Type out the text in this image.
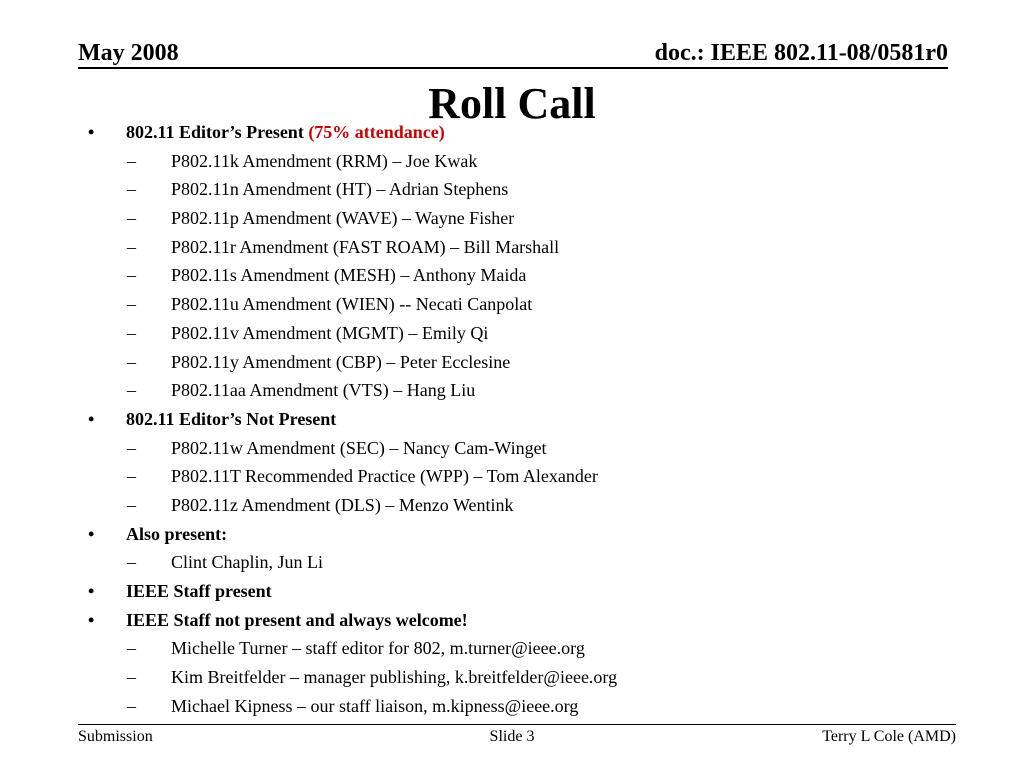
May 2008	doc.: IEEE 802.11-08/0581r0
Roll Call
• 802.11 Editor’s Present (75% attendance)
– P802.11k Amendment (RRM) – Joe Kwak
– P802.11n Amendment (HT) – Adrian Stephens
– P802.11p Amendment (WAVE) – Wayne Fisher
– P802.11r Amendment (FAST ROAM) – Bill Marshall
– P802.11s Amendment (MESH) – Anthony Maida
– P802.11u Amendment (WIEN) -- Necati Canpolat
– P802.11v Amendment (MGMT) – Emily Qi
– P802.11y Amendment (CBP) – Peter Ecclesine
– P802.11aa Amendment (VTS) – Hang Liu
• 802.11 Editor’s Not Present
– P802.11w Amendment (SEC) – Nancy Cam-Winget
– P802.11T Recommended Practice (WPP) – Tom Alexander
– P802.11z Amendment (DLS) – Menzo Wentink
• Also present:
– Clint Chaplin, Jun Li
• IEEE Staff present
• IEEE Staff not present and always welcome!
– Michelle Turner – staff editor for 802, m.turner@ieee.org
– Kim Breitfelder – manager publishing, k.breitfelder@ieee.org
– Michael Kipness – our staff liaison, m.kipness@ieee.org
Submission	Slide 3	Terry L Cole (AMD)
